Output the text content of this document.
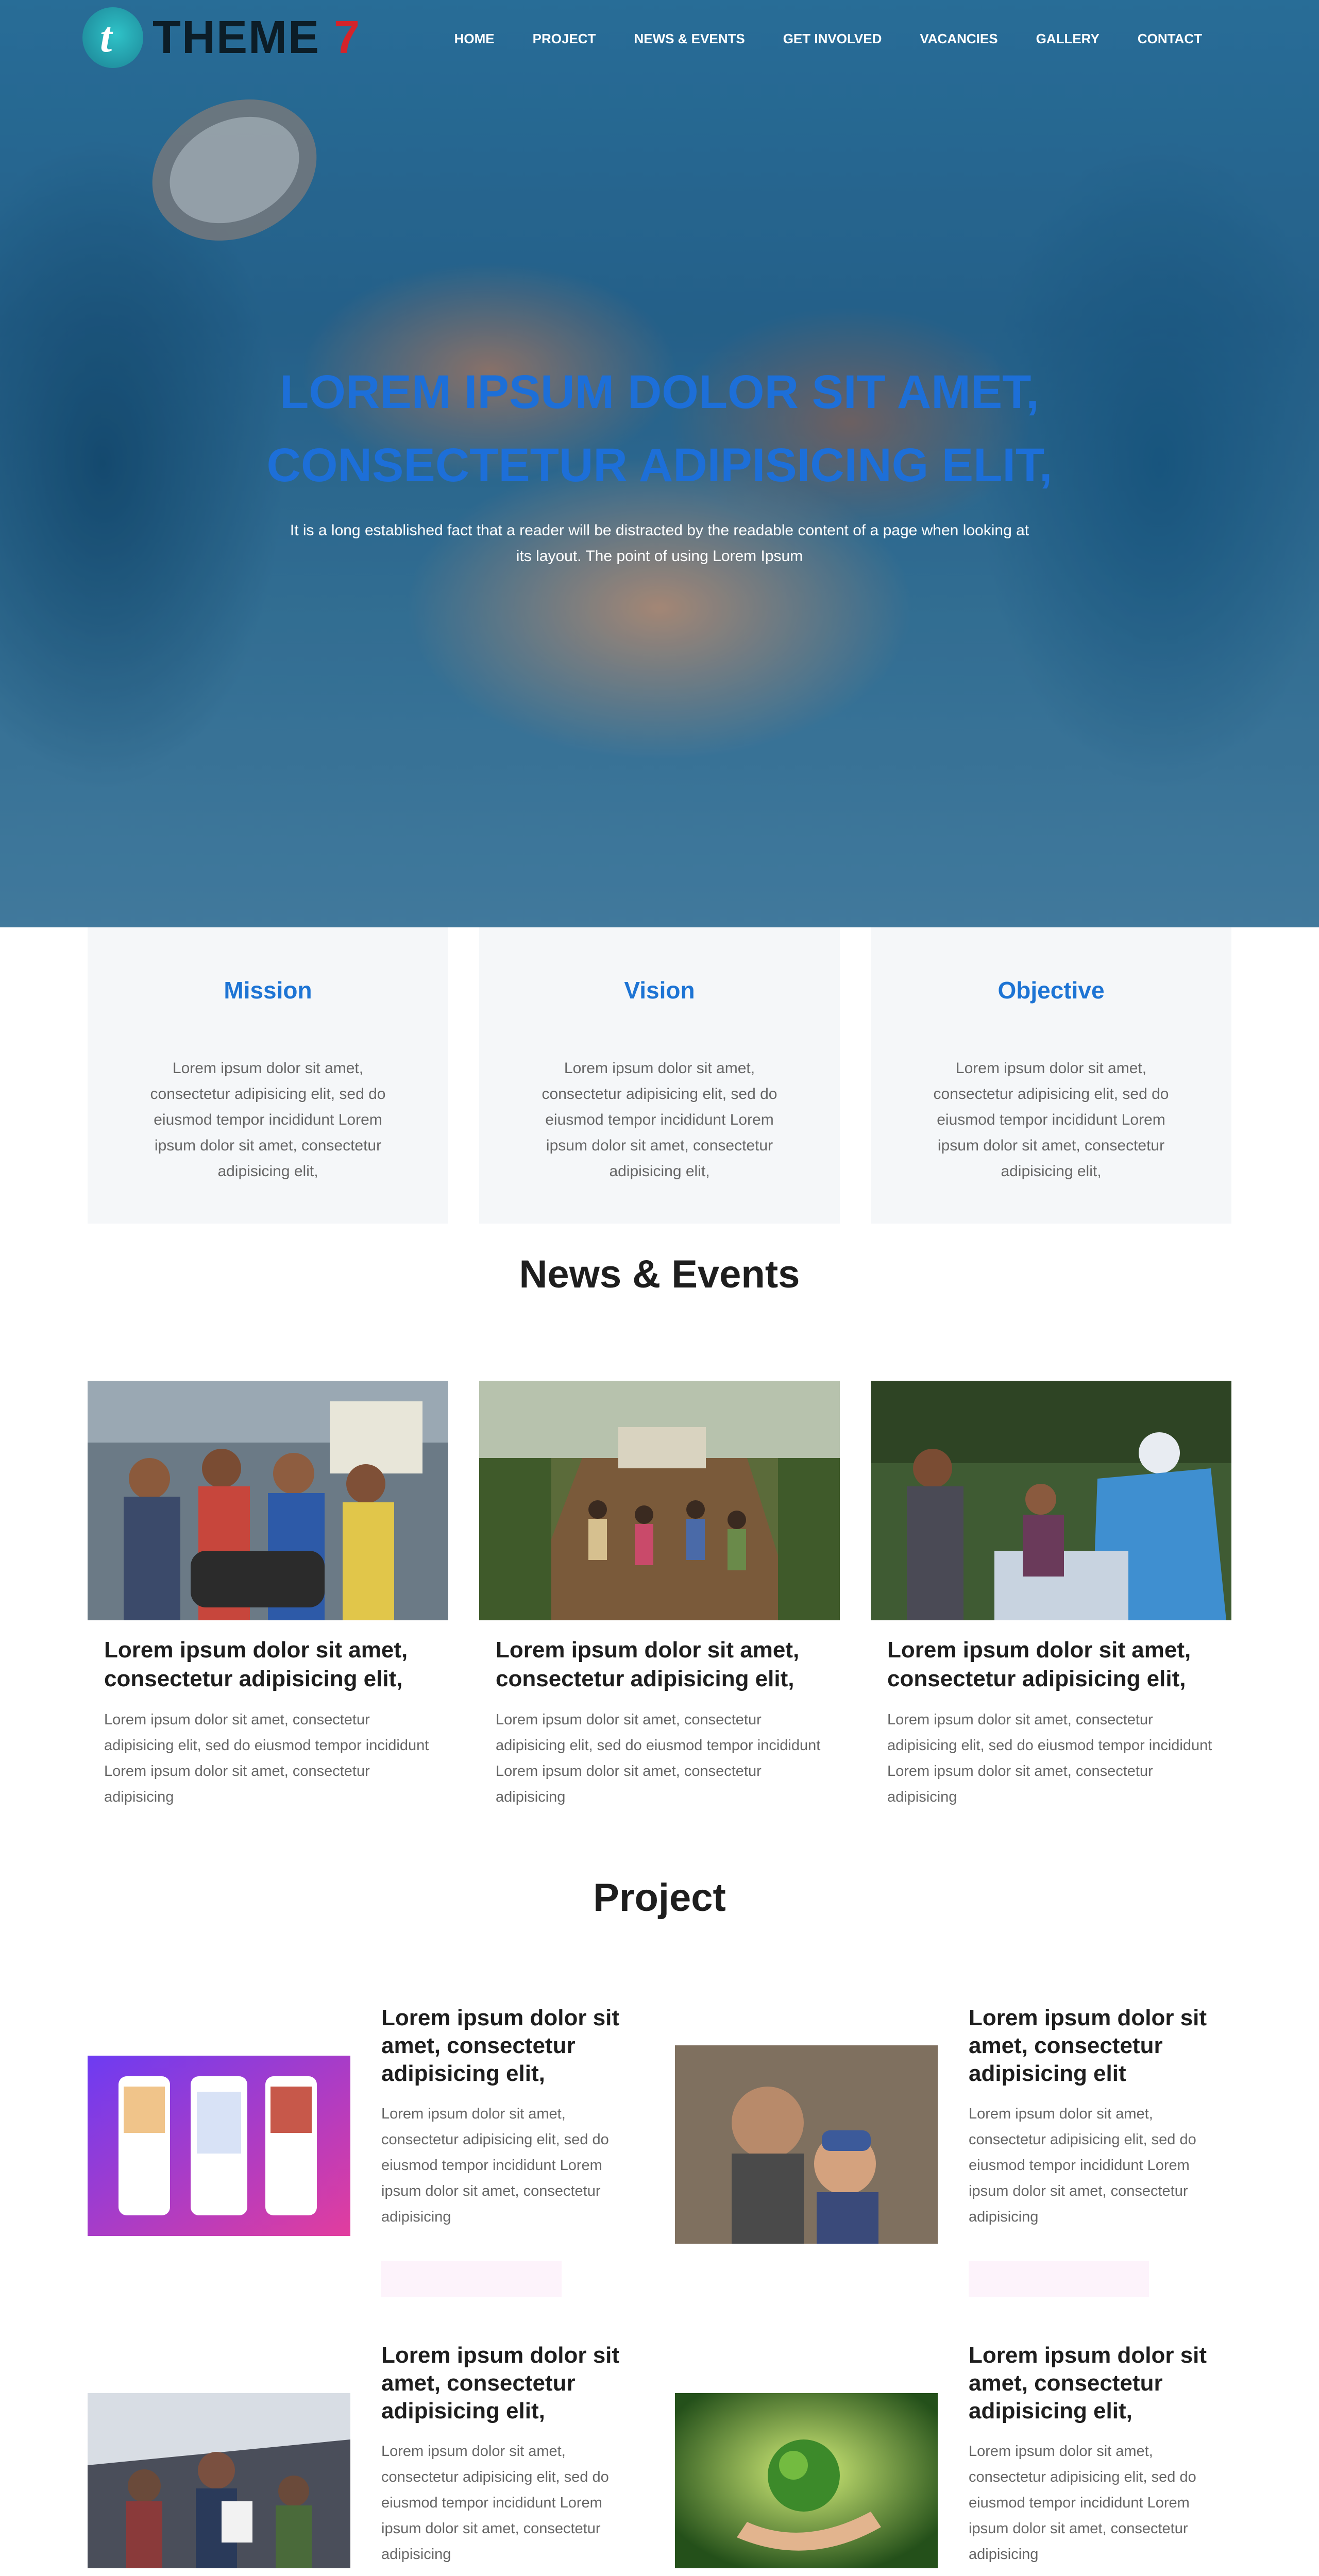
t THEME 7	HOME	PROJECT	NEWS & EVENTS	GET INVOLVED	VACANCIES	GALLERY	CONTACT
LOREM IPSUM DOLOR SIT AMET,
CONSECTETUR ADIPISICING ELIT,

It is a long established fact that a reader will be distracted by the readable content of a page when looking at its layout. The point of using Lorem Ipsum

Mission

Lorem ipsum dolor sit amet, consectetur adipisicing elit, sed do eiusmod tempor incididunt Lorem ipsum dolor sit amet, consectetur adipisicing elit,

Vision

Lorem ipsum dolor sit amet, consectetur adipisicing elit, sed do eiusmod tempor incididunt Lorem ipsum dolor sit amet, consectetur adipisicing elit,

Objective

Lorem ipsum dolor sit amet, consectetur adipisicing elit, sed do eiusmod tempor incididunt Lorem ipsum dolor sit amet, consectetur adipisicing elit,

News & Events
Lorem ipsum dolor sit amet, consectetur adipisicing elit,

Lorem ipsum dolor sit amet, consectetur adipisicing elit, sed do eiusmod tempor incididunt Lorem ipsum dolor sit amet, consectetur adipisicing

Lorem ipsum dolor sit amet, consectetur adipisicing elit,

Lorem ipsum dolor sit amet, consectetur adipisicing elit, sed do eiusmod tempor incididunt Lorem ipsum dolor sit amet, consectetur adipisicing

Lorem ipsum dolor sit amet, consectetur adipisicing elit,

Lorem ipsum dolor sit amet, consectetur adipisicing elit, sed do eiusmod tempor incididunt Lorem ipsum dolor sit amet, consectetur adipisicing

Project
Lorem ipsum dolor sit amet, consectetur adipisicing elit,

Lorem ipsum dolor sit amet, consectetur adipisicing elit, sed do eiusmod tempor incididunt Lorem ipsum dolor sit amet, consectetur adipisicing

Lorem ipsum dolor sit amet, consectetur adipisicing elit

Lorem ipsum dolor sit amet, consectetur adipisicing elit, sed do eiusmod tempor incididunt Lorem ipsum dolor sit amet, consectetur adipisicing

Lorem ipsum dolor sit amet, consectetur adipisicing elit,

Lorem ipsum dolor sit amet, consectetur adipisicing elit, sed do eiusmod tempor incididunt Lorem ipsum dolor sit amet, consectetur adipisicing

Lorem ipsum dolor sit amet, consectetur adipisicing elit,

Lorem ipsum dolor sit amet, consectetur adipisicing elit, sed do eiusmod tempor incididunt Lorem ipsum dolor sit amet, consectetur adipisicing
